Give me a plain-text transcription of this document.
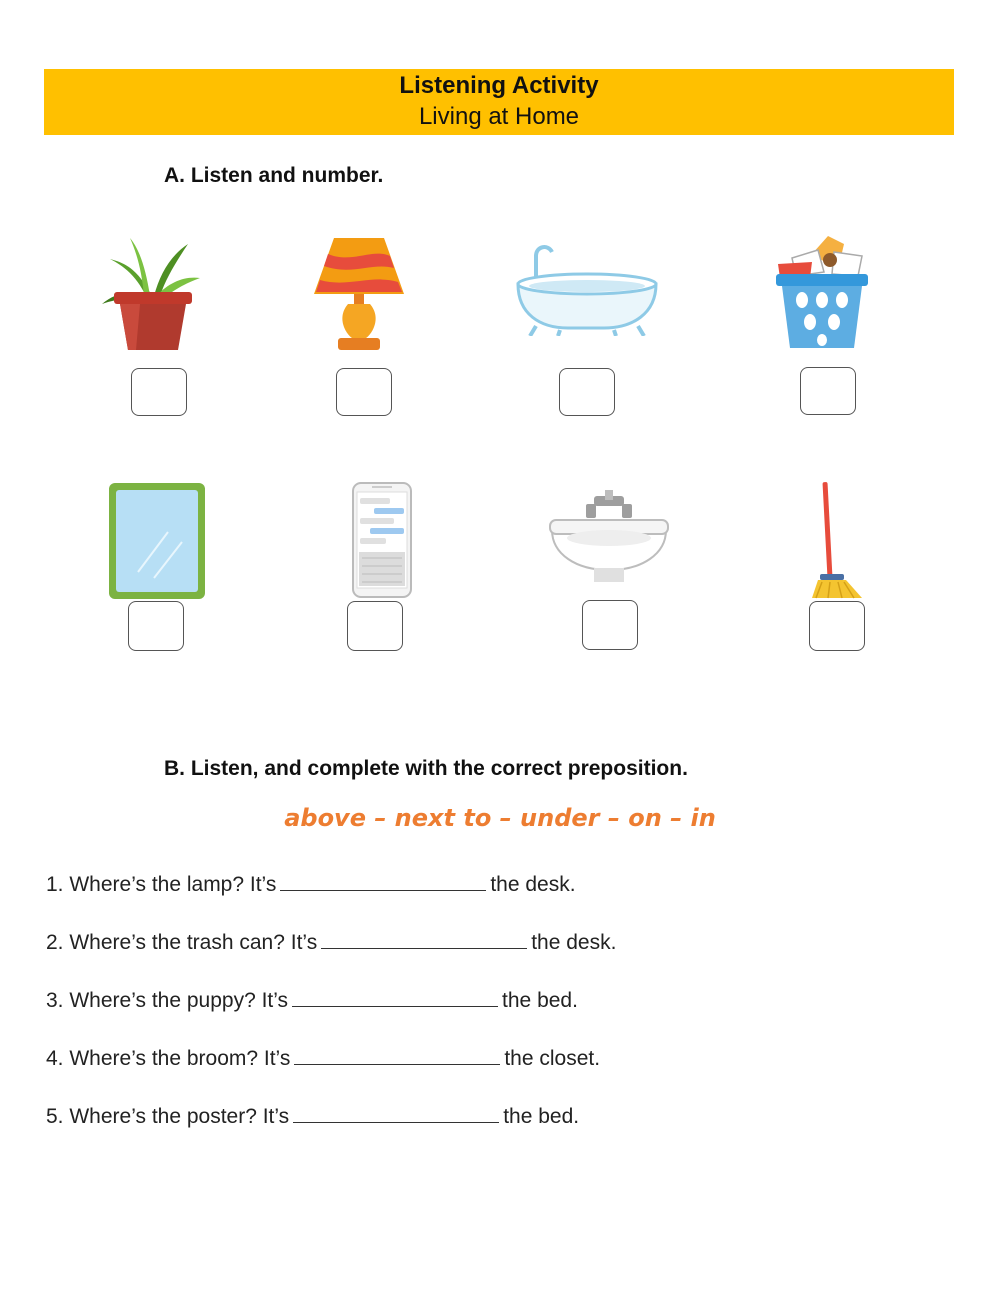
Listening Activity
Living at Home
A. Listen and number.
B. Listen, and complete with the correct preposition.
above – next to – under – on – in
1. Where’s the lamp? It’s	the desk.
2. Where’s the trash can? It’s	the desk.
3. Where’s the puppy? It’s	the bed.
4. Where’s the broom? It’s	the closet.
5. Where’s the poster? It’s	the bed.
